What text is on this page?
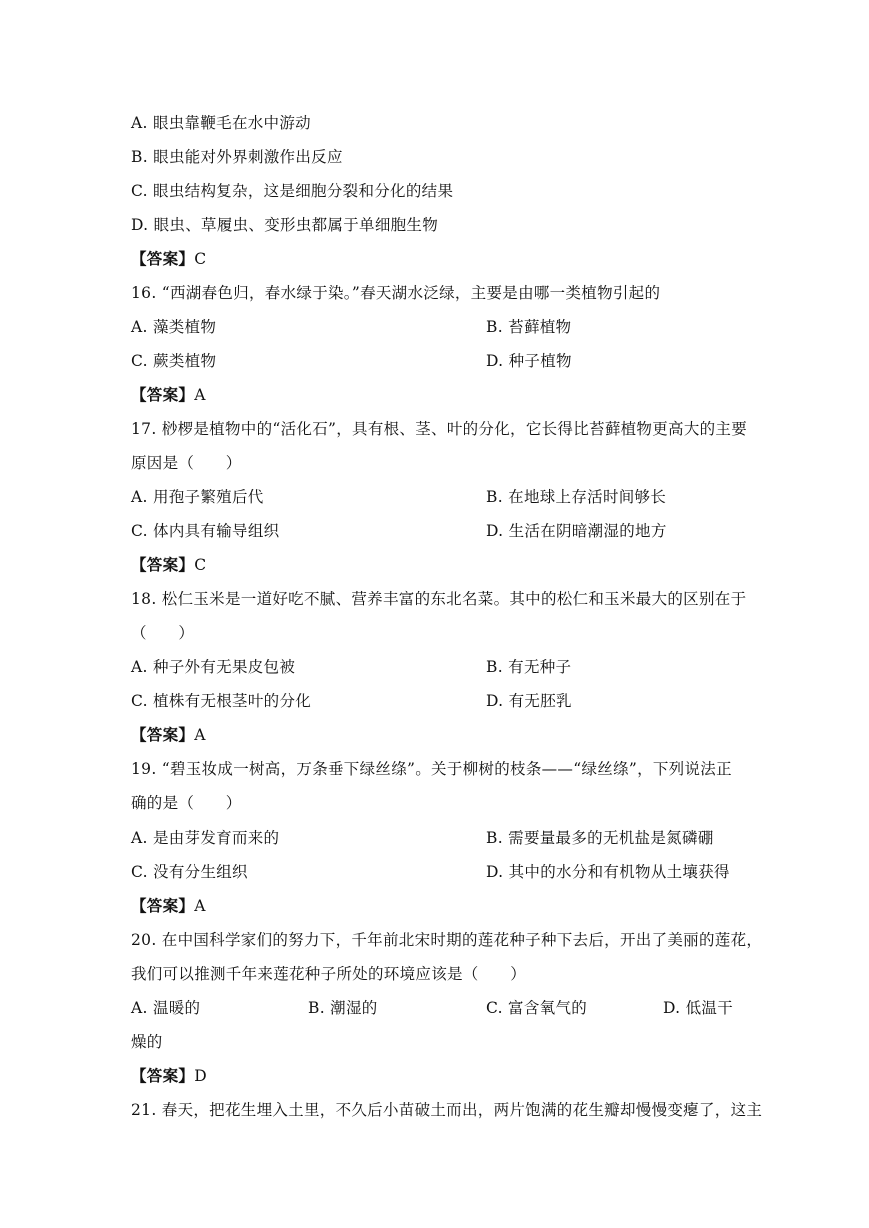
A. 眼虫靠鞭毛在水中游动
B. 眼虫能对外界刺激作出反应
C. 眼虫结构复杂，这是细胞分裂和分化的结果
D. 眼虫、草履虫、变形虫都属于单细胞生物
【答案】C
16. “西湖春色归，春水绿于染。”春天湖水泛绿，主要是由哪一类植物引起的
A. 藻类植物	B. 苔藓植物
C. 蕨类植物	D. 种子植物
【答案】A
17. 桫椤是植物中的“活化石”，具有根、茎、叶的分化，它长得比苔藓植物更高大的主要
原因是（　　）
A. 用孢子繁殖后代	B. 在地球上存活时间够长
C. 体内具有输导组织	D. 生活在阴暗潮湿的地方
【答案】C
18. 松仁玉米是一道好吃不腻、营养丰富的东北名菜。其中的松仁和玉米最大的区别在于
（　　）
A. 种子外有无果皮包被	B. 有无种子
C. 植株有无根茎叶的分化	D. 有无胚乳
【答案】A
19. “碧玉妆成一树高，万条垂下绿丝绦”。关于柳树的枝条——“绿丝绦”，下列说法正
确的是（　　）
A. 是由芽发育而来的	B. 需要量最多的无机盐是氮磷硼
C. 没有分生组织	D. 其中的水分和有机物从土壤获得
【答案】A
20. 在中国科学家们的努力下，千年前北宋时期的莲花种子种下去后，开出了美丽的莲花，
我们可以推测千年来莲花种子所处的环境应该是（　　）
A. 温暖的	B. 潮湿的	C. 富含氧气的	D. 低温干
燥的
【答案】D
21. 春天，把花生埋入土里，不久后小苗破土而出，两片饱满的花生瓣却慢慢变瘪了，这主
